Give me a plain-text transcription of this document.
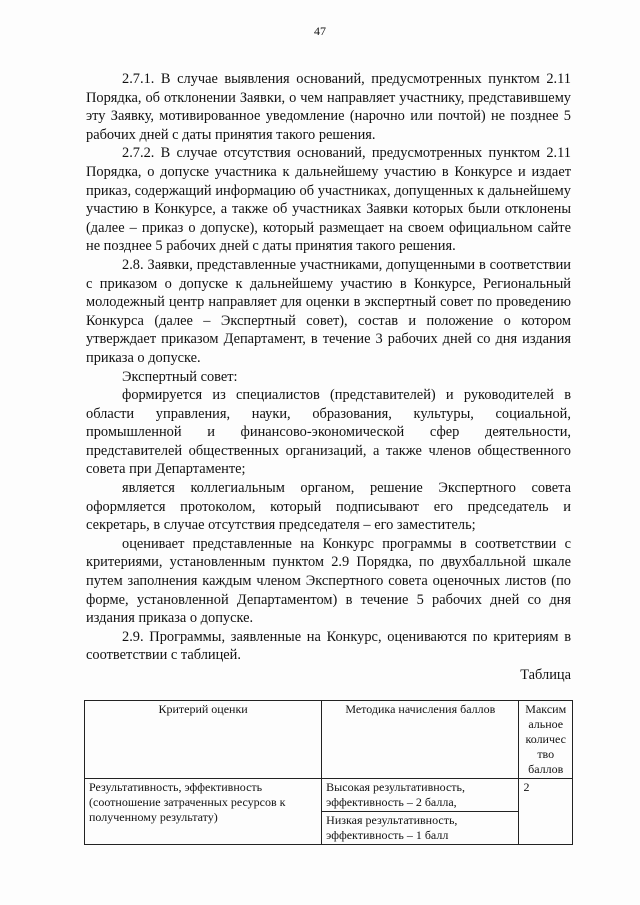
47

2.7.1. В случае выявления оснований, предусмотренных пунктом 2.11 Порядка, об отклонении Заявки, о чем направляет участнику, представившему эту Заявку, мотивированное уведомление (нарочно или почтой) не позднее 5 рабочих дней с даты принятия такого решения.

2.7.2. В случае отсутствия оснований, предусмотренных пунктом 2.11 Порядка, о допуске участника к дальнейшему участию в Конкурсе и издает приказ, содержащий информацию об участниках, допущенных к дальнейшему участию в Конкурсе, а также об участниках Заявки которых были отклонены (далее – приказ о допуске), который размещает на своем официальном сайте не позднее 5 рабочих дней с даты принятия такого решения.

2.8. Заявки, представленные участниками, допущенными в соответствии с приказом о допуске к дальнейшему участию в Конкурсе, Региональный молодежный центр направляет для оценки в экспертный совет по проведению Конкурса (далее – Экспертный совет), состав и положение о котором утверждает приказом Департамент, в течение 3 рабочих дней со дня издания приказа о допуске.

Экспертный совет:

формируется из специалистов (представителей) и руководителей в области управления, науки, образования, культуры, социальной, промышленной и финансово-экономической сфер деятельности, представителей общественных организаций, а также членов общественного совета при Департаменте;

является коллегиальным органом, решение Экспертного совета оформляется протоколом, который подписывают его председатель и секретарь, в случае отсутствия председателя – его заместитель;

оценивает представленные на Конкурс программы в соответствии с критериями, установленным пунктом 2.9 Порядка, по двухбалльной шкале путем заполнения каждым членом Экспертного совета оценочных листов (по форме, установленной Департаментом) в течение 5 рабочих дней со дня издания приказа о допуске.

2.9. Программы, заявленные на Конкурс, оцениваются по критериям в соответствии с таблицей.

Таблица
Критерий оценки	Методика начисления баллов	Максим
альное
количес
тво
баллов

Результативность, эффективность (соотношение затраченных ресурсов к полученному результату)	Высокая результативность, эффективность – 2 балла,	2
	Низкая результативность, эффективность – 1 балл	
